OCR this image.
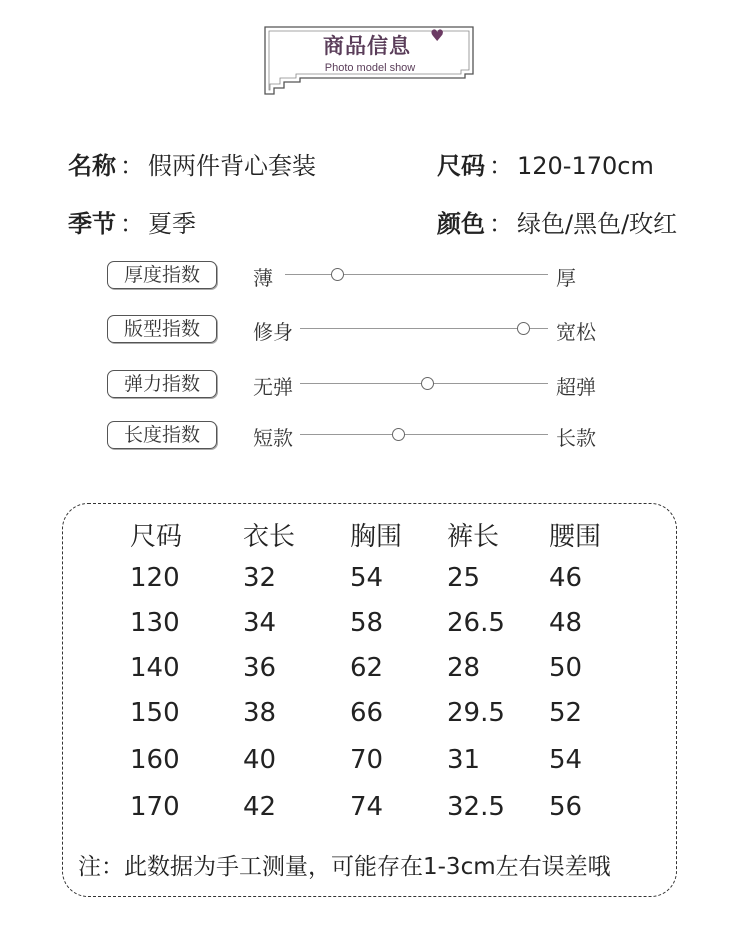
商品信息	♥
Photo model show
名称 ： 假两件背心套装	尺码 ： 120-170cm
季节 ： 夏季	颜色 ： 绿色/黑色/玫红
厚度指数	薄	厚
版型指数	修身	宽松
弹力指数	无弹	超弹
长度指数	短款	长款
尺码 衣长 胸围 裤长 腰围
120 32	54 25	46
130 34	58 26.5 48
140 36	62 28	50
150 38	66 29.5 52
160 40	70 31	54
170 42	74 32.5 56
注：此数据为手工测量，可能存在1-3cm左右误差哦
